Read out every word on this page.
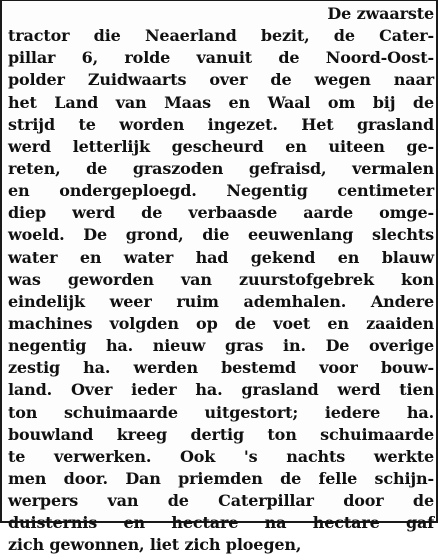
De zwaarste
tractor die Neaerland bezit, de Cater-
pillar 6, rolde vanuit de Noord-Oost-
polder Zuidwaarts over de wegen naar
het Land van Maas en Waal om bij de
strijd te worden ingezet. Het grasland
werd letterlijk gescheurd en uiteen ge-
reten, de graszoden gefraisd, vermalen
en ondergeploegd. Negentig centimeter
diep werd de verbaasde aarde omge-
woeld. De grond, die eeuwenlang slechts
water en water had gekend en blauw
was geworden van zuurstofgebrek kon
eindelijk weer ruim ademhalen. Andere
machines volgden op de voet en zaaiden
negentig ha. nieuw gras in. De overige
zestig ha. werden bestemd voor bouw-
land. Over ieder ha. grasland werd tien
ton schuimaarde uitgestort; iedere ha.
bouwland kreeg dertig ton schuimaarde
te verwerken. Ook 's nachts werkte
men door. Dan priemden de felle schijn-
werpers van de Caterpillar door de
duisternis en hectare na hectare gaf
zich gewonnen, liet zich ploegen,
